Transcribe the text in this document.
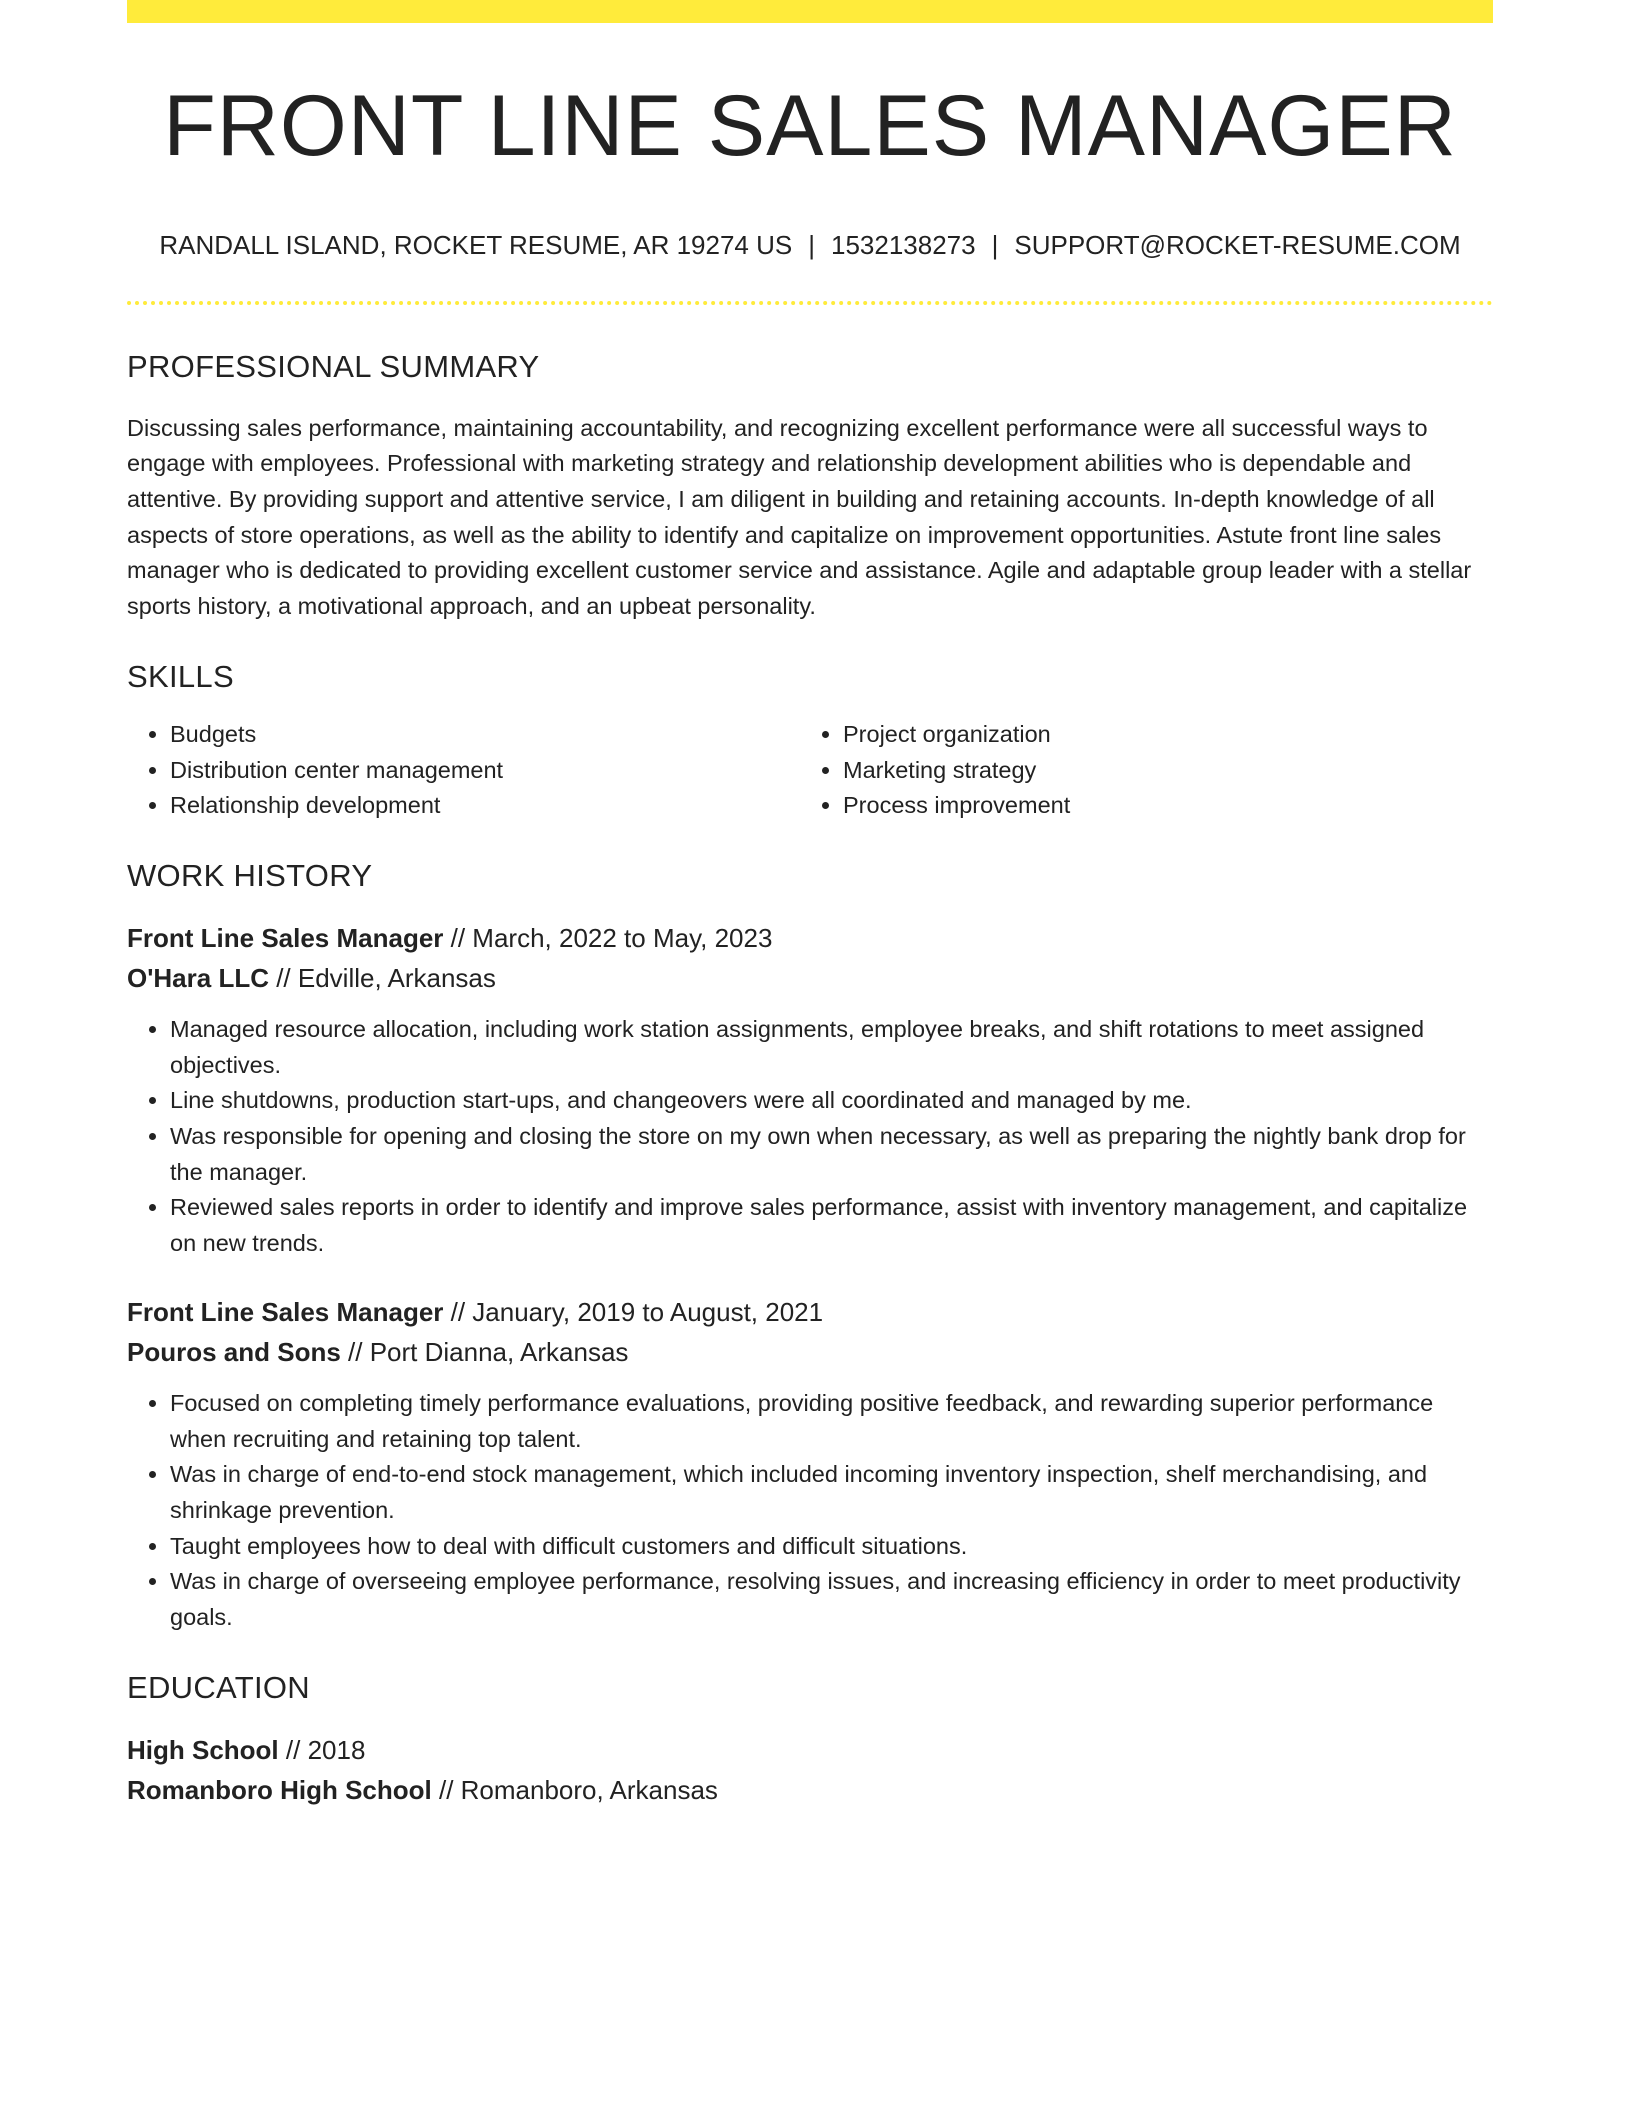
FRONT LINE SALES MANAGER
RANDALL ISLAND, ROCKET RESUME, AR 19274 US | 1532138273 | SUPPORT@ROCKET-RESUME.COM
PROFESSIONAL SUMMARY
Discussing sales performance, maintaining accountability, and recognizing excellent performance were all successful ways to engage with employees. Professional with marketing strategy and relationship development abilities who is dependable and attentive. By providing support and attentive service, I am diligent in building and retaining accounts. In-depth knowledge of all aspects of store operations, as well as the ability to identify and capitalize on improvement opportunities. Astute front line sales manager who is dedicated to providing excellent customer service and assistance. Agile and adaptable group leader with a stellar sports history, a motivational approach, and an upbeat personality.
SKILLS
• Budgets
• Distribution center management
• Relationship development
• Project organization
• Marketing strategy
• Process improvement
WORK HISTORY
Front Line Sales Manager // March, 2022 to May, 2023
O'Hara LLC // Edville, Arkansas
• Managed resource allocation, including work station assignments, employee breaks, and shift rotations to meet assigned objectives.
• Line shutdowns, production start-ups, and changeovers were all coordinated and managed by me.
• Was responsible for opening and closing the store on my own when necessary, as well as preparing the nightly bank drop for the manager.
• Reviewed sales reports in order to identify and improve sales performance, assist with inventory management, and capitalize on new trends.
Front Line Sales Manager // January, 2019 to August, 2021
Pouros and Sons // Port Dianna, Arkansas
• Focused on completing timely performance evaluations, providing positive feedback, and rewarding superior performance when recruiting and retaining top talent.
• Was in charge of end-to-end stock management, which included incoming inventory inspection, shelf merchandising, and shrinkage prevention.
• Taught employees how to deal with difficult customers and difficult situations.
• Was in charge of overseeing employee performance, resolving issues, and increasing efficiency in order to meet productivity goals.
EDUCATION
High School // 2018
Romanboro High School // Romanboro, Arkansas
